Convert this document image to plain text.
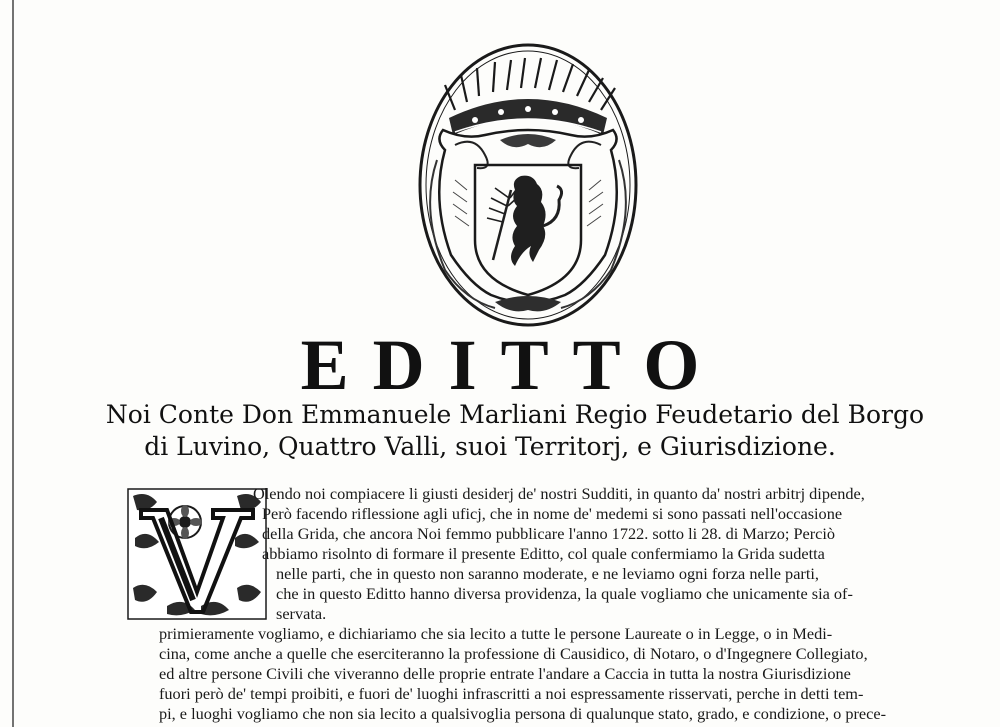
EDITTO
Noi Conte Don Emmanuele Marliani Regio Feudetario del Borgo
di Luvino, Quattro Valli, suoi Territorj, e Giurisdizione.
Olendo noi compiacere li giusti desiderj de' nostri Sudditi, in quanto da' nostri arbitrj dipende,
Però facendo riflessione agli uficj, che in nome de' medemi si sono passati nell'occasione
della Grida, che ancora Noi femmo pubblicare l'anno 1722. sotto li 28. di Marzo; Perciò
abbiamo risolnto di formare il presente Editto, col quale confermiamo la Grida sudetta
nelle parti, che in questo non saranno moderate, e ne leviamo ogni forza nelle parti,
che in questo Editto hanno diversa providenza, la quale vogliamo che unicamente sia of-
servata.
primieramente vogliamo, e dichiariamo che sia lecito a tutte le persone Laureate o in Legge, o in Medi-
cina, come anche a quelle che eserciteranno la professione di Causidico, di Notaro, o d'Ingegnere Collegiato,
ed altre persone Civili che viveranno delle proprie entrate l'andare a Caccia in tutta la nostra Giurisdizione
fuori però de' tempi proibiti, e fuori de' luoghi infrascritti a noi espressamente risservati, perche in detti tem-
pi, e luoghi vogliamo che non sia lecito a qualsivoglia persona di qualunque stato, grado, e condizione, o prece-
